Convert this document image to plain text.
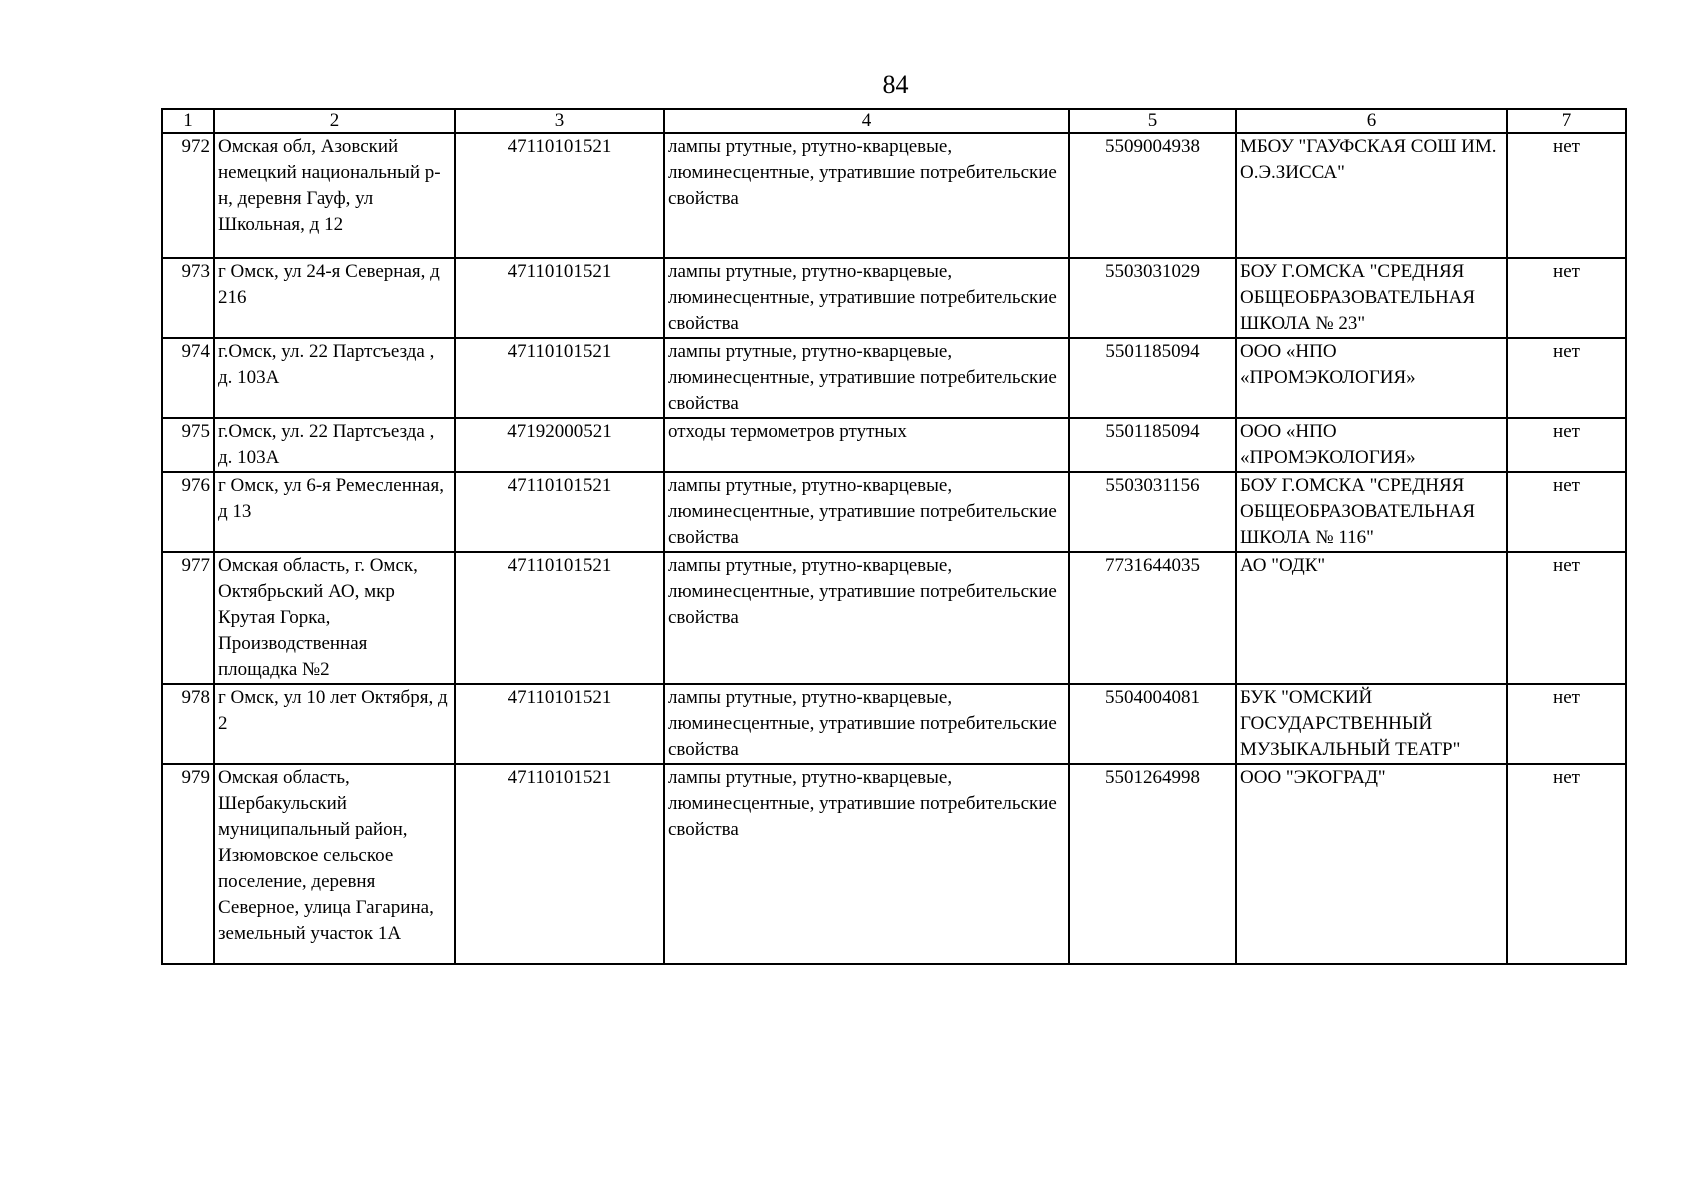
84
1	2	3	4	5	6	7
972	Омская обл, Азовский немецкий национальный р-н, деревня Гауф, ул Школьная, д 12	47110101521	лампы ртутные, ртутно-кварцевые, люминесцентные, утратившие потребительские свойства	5509004938	МБОУ "ГАУФСКАЯ СОШ ИМ. О.Э.ЗИССА"	нет
973	г Омск, ул 24-я Северная, д 216	47110101521	лампы ртутные, ртутно-кварцевые, люминесцентные, утратившие потребительские свойства	5503031029	БОУ Г.ОМСКА "СРЕДНЯЯ ОБЩЕОБРАЗОВАТЕЛЬНАЯ ШКОЛА № 23"	нет
974	г.Омск, ул. 22 Партсъезда , д. 103А	47110101521	лампы ртутные, ртутно-кварцевые, люминесцентные, утратившие потребительские свойства	5501185094	ООО «НПО «ПРОМЭКОЛОГИЯ»	нет
975	г.Омск, ул. 22 Партсъезда , д. 103А	47192000521	отходы термометров ртутных	5501185094	ООО «НПО «ПРОМЭКОЛОГИЯ»	нет
976	г Омск, ул 6-я Ремесленная, д 13	47110101521	лампы ртутные, ртутно-кварцевые, люминесцентные, утратившие потребительские свойства	5503031156	БОУ Г.ОМСКА "СРЕДНЯЯ ОБЩЕОБРАЗОВАТЕЛЬНАЯ ШКОЛА № 116"	нет
977	Омская область, г. Омск, Октябрьский АО, мкр Крутая Горка, Производственная площадка №2	47110101521	лампы ртутные, ртутно-кварцевые, люминесцентные, утратившие потребительские свойства	7731644035	АО "ОДК"	нет
978	г Омск, ул 10 лет Октября, д 2	47110101521	лампы ртутные, ртутно-кварцевые, люминесцентные, утратившие потребительские свойства	5504004081	БУК "ОМСКИЙ ГОСУДАРСТВЕННЫЙ МУЗЫКАЛЬНЫЙ ТЕАТР"	нет
979	Омская область, Шербакульский муниципальный район, Изюмовское сельское поселение, деревня Северное, улица Гагарина, земельный участок 1А	47110101521	лампы ртутные, ртутно-кварцевые, люминесцентные, утратившие потребительские свойства	5501264998	ООО "ЭКОГРАД"	нет
